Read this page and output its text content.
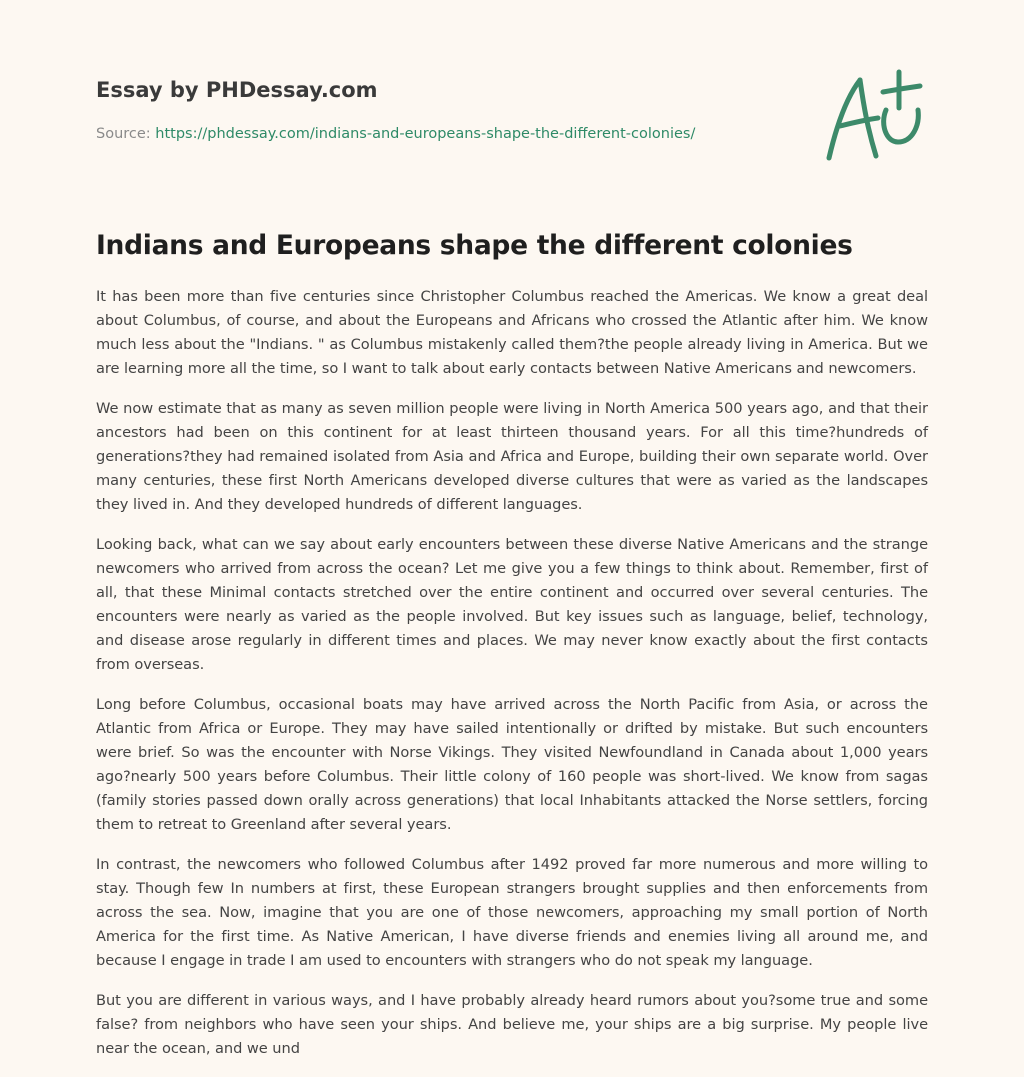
Essay by PHDessay.com
Source: https://phdessay.com/indians-and-europeans-shape-the-different-colonies/
Indians and Europeans shape the different colonies

It has been more than five centuries since Christopher Columbus reached the Americas. We know a great deal about Columbus, of course, and about the Europeans and Africans who crossed the Atlantic after him. We know much less about the "Indians. " as Columbus mistakenly called them?the people already living in America. But we are learning more all the time, so I want to talk about early contacts between Native Americans and newcomers.

We now estimate that as many as seven million people were living in North America 500 years ago, and that their ancestors had been on this continent for at least thirteen thousand years. For all this time?hundreds of generations?they had remained isolated from Asia and Africa and Europe, building their own separate world. Over many centuries, these first North Americans developed diverse cultures that were as varied as the landscapes they lived in. And they developed hundreds of different languages.

Looking back, what can we say about early encounters between these diverse Native Americans and the strange newcomers who arrived from across the ocean? Let me give you a few things to think about. Remember, first of all, that these Minimal contacts stretched over the entire continent and occurred over several centuries. The encounters were nearly as varied as the people involved. But key issues such as language, belief, technology, and disease arose regularly in different times and places. We may never know exactly about the first contacts from overseas.

Long before Columbus, occasional boats may have arrived across the North Pacific from Asia, or across the Atlantic from Africa or Europe. They may have sailed intentionally or drifted by mistake. But such encounters were brief. So was the encounter with Norse Vikings. They visited Newfoundland in Canada about 1,000 years ago?nearly 500 years before Columbus. Their little colony of 160 people was short-lived. We know from sagas (family stories passed down orally across generations) that local Inhabitants attacked the Norse settlers, forcing them to retreat to Greenland after several years.

In contrast, the newcomers who followed Columbus after 1492 proved far more numerous and more willing to stay. Though few In numbers at first, these European strangers brought supplies and then enforcements from across the sea. Now, imagine that you are one of those newcomers, approaching my small portion of North America for the first time. As Native American, I have diverse friends and enemies living all around me, and because I engage in trade I am used to encounters with strangers who do not speak my language.

But you are different in various ways, and I have probably already heard rumors about you?some true and some false? from neighbors who have seen your ships. And believe me, your ships are a big surprise. My people live near the ocean, and we und
